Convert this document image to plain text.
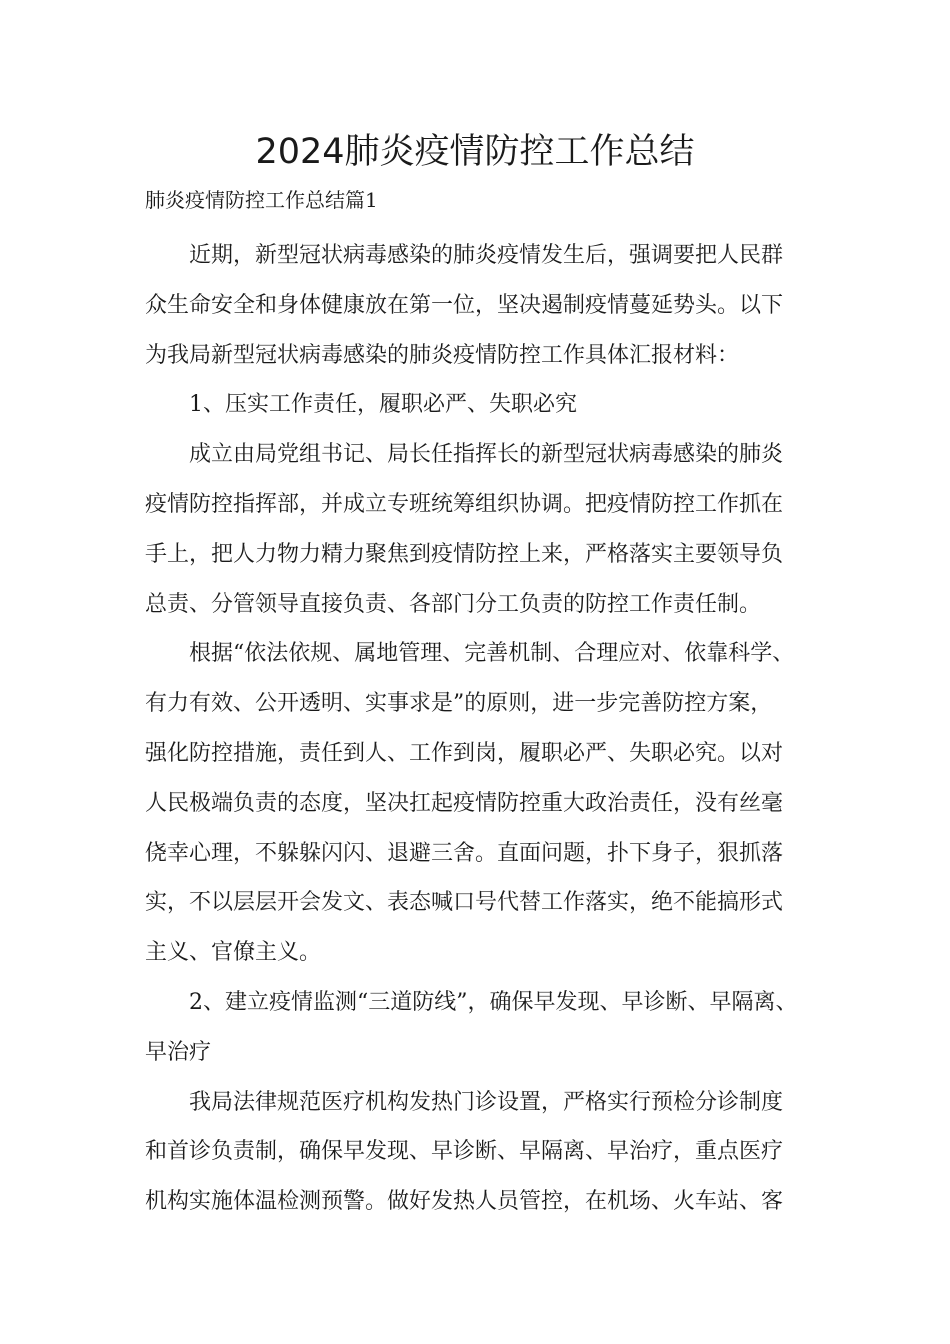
2024肺炎疫情防控工作总结

肺炎疫情防控工作总结篇1

近期，新型冠状病毒感染的肺炎疫情发生后，强调要把人民群
众生命安全和身体健康放在第一位，坚决遏制疫情蔓延势头。以下
为我局新型冠状病毒感染的肺炎疫情防控工作具体汇报材料：
1、压实工作责任，履职必严、失职必究
成立由局党组书记、局长任指挥长的新型冠状病毒感染的肺炎
疫情防控指挥部，并成立专班统筹组织协调。把疫情防控工作抓在
手上，把人力物力精力聚焦到疫情防控上来，严格落实主要领导负
总责、分管领导直接负责、各部门分工负责的防控工作责任制。
根据“依法依规、属地管理、完善机制、合理应对、依靠科学、
有力有效、公开透明、实事求是”的原则，进一步完善防控方案，
强化防控措施，责任到人、工作到岗，履职必严、失职必究。以对
人民极端负责的态度，坚决扛起疫情防控重大政治责任，没有丝毫
侥幸心理，不躲躲闪闪、退避三舍。直面问题，扑下身子，狠抓落
实，不以层层开会发文、表态喊口号代替工作落实，绝不能搞形式
主义、官僚主义。
2、建立疫情监测“三道防线”，确保早发现、早诊断、早隔离、
早治疗
我局法律规范医疗机构发热门诊设置，严格实行预检分诊制度
和首诊负责制，确保早发现、早诊断、早隔离、早治疗，重点医疗
机构实施体温检测预警。做好发热人员管控，在机场、火车站、客
